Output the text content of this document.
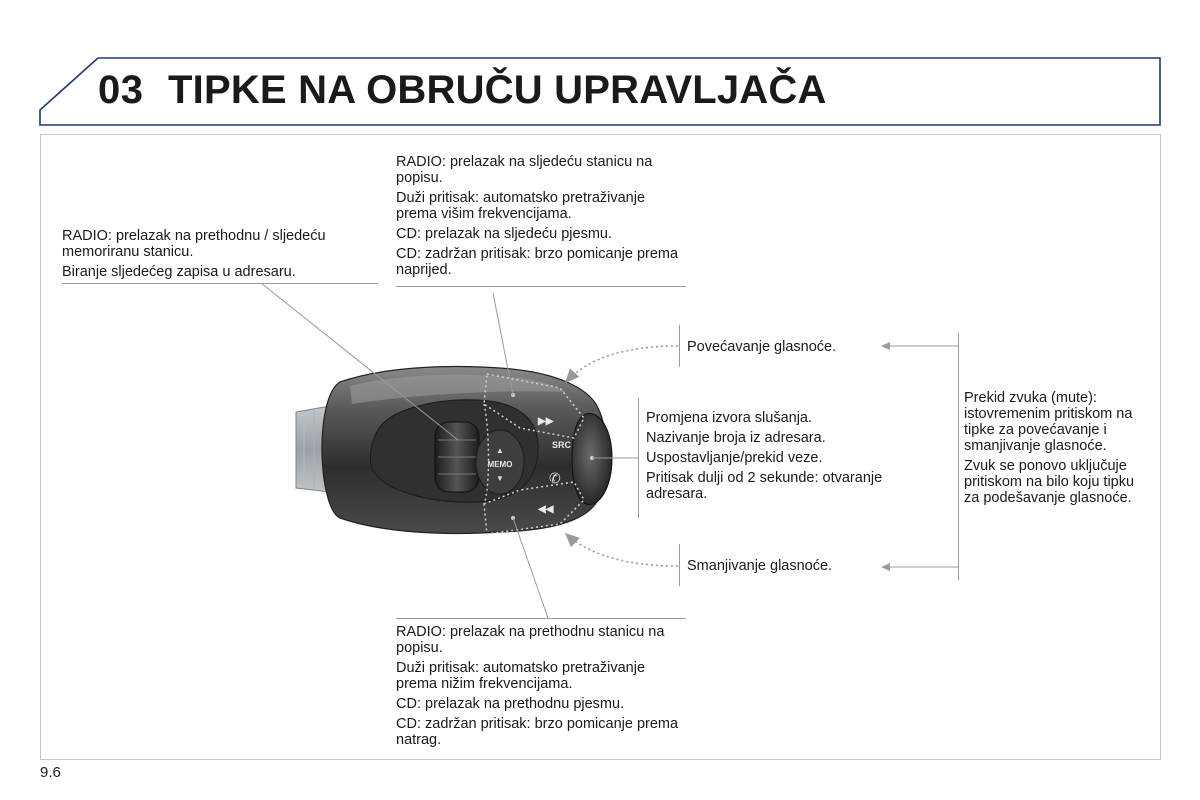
03 TIPKE NA OBRUČU UPRAVLJAČA
▲
▼
MEMO
▶▶
SRC
✆
◀◀

RADIO: prelazak na prethodnu / sljedeću memoriranu stanicu.

Biranje sljedećeg zapisa u adresaru.

RADIO: prelazak na sljedeću stanicu na popisu.

Duži pritisak: automatsko pretraživanje prema višim frekvencijama.

CD: prelazak na sljedeću pjesmu.

CD: zadržan pritisak: brzo pomicanje prema naprijed.

Povećavanje glasnoće.

Smanjivanje glasnoće.

Promjena izvora slušanja.

Nazivanje broja iz adresara.

Uspostavljanje/prekid veze.

Pritisak dulji od 2 sekunde: otvaranje adresara.

Prekid zvuka (mute): istovremenim pritiskom na tipke za povećavanje i smanjivanje glasnoće.

Zvuk se ponovo uključuje pritiskom na bilo koju tipku za podešavanje glasnoće.

RADIO: prelazak na prethodnu stanicu na popisu.

Duži pritisak: automatsko pretraživanje prema nižim frekvencijama.

CD: prelazak na prethodnu pjesmu.

CD: zadržan pritisak: brzo pomicanje prema natrag.

9.6
